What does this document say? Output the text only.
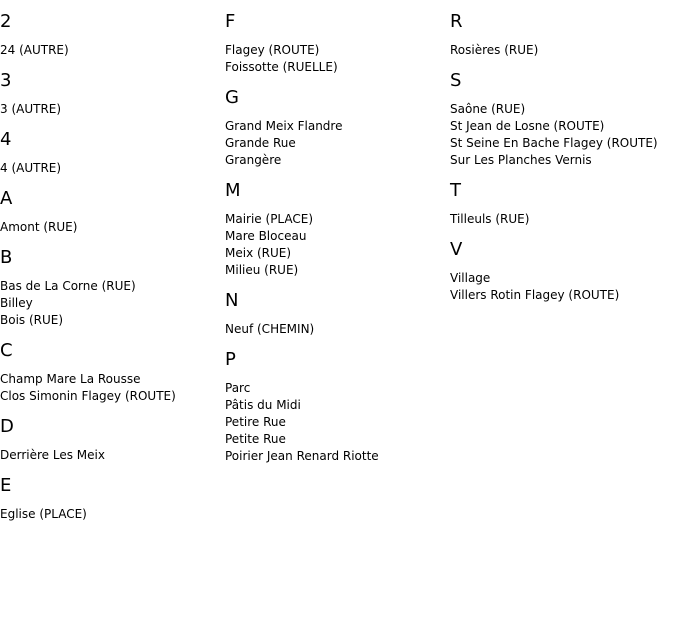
2
24 (AUTRE)
3
3 (AUTRE)
4
4 (AUTRE)
A
Amont (RUE)
B
Bas de La Corne (RUE)
Billey
Bois (RUE)
C
Champ Mare La Rousse
Clos Simonin Flagey (ROUTE)
D
Derrière Les Meix
E
Eglise (PLACE)
F
Flagey (ROUTE)
Foissotte (RUELLE)
G
Grand Meix Flandre
Grande Rue
Grangère
M
Mairie (PLACE)
Mare Bloceau
Meix (RUE)
Milieu (RUE)
N
Neuf (CHEMIN)
P
Parc
Pâtis du Midi
Petire Rue
Petite Rue
Poirier Jean Renard Riotte
R
Rosières (RUE)
S
Saône (RUE)
St Jean de Losne (ROUTE)
St Seine En Bache Flagey (ROUTE)
Sur Les Planches Vernis
T
Tilleuls (RUE)
V
Village
Villers Rotin Flagey (ROUTE)
